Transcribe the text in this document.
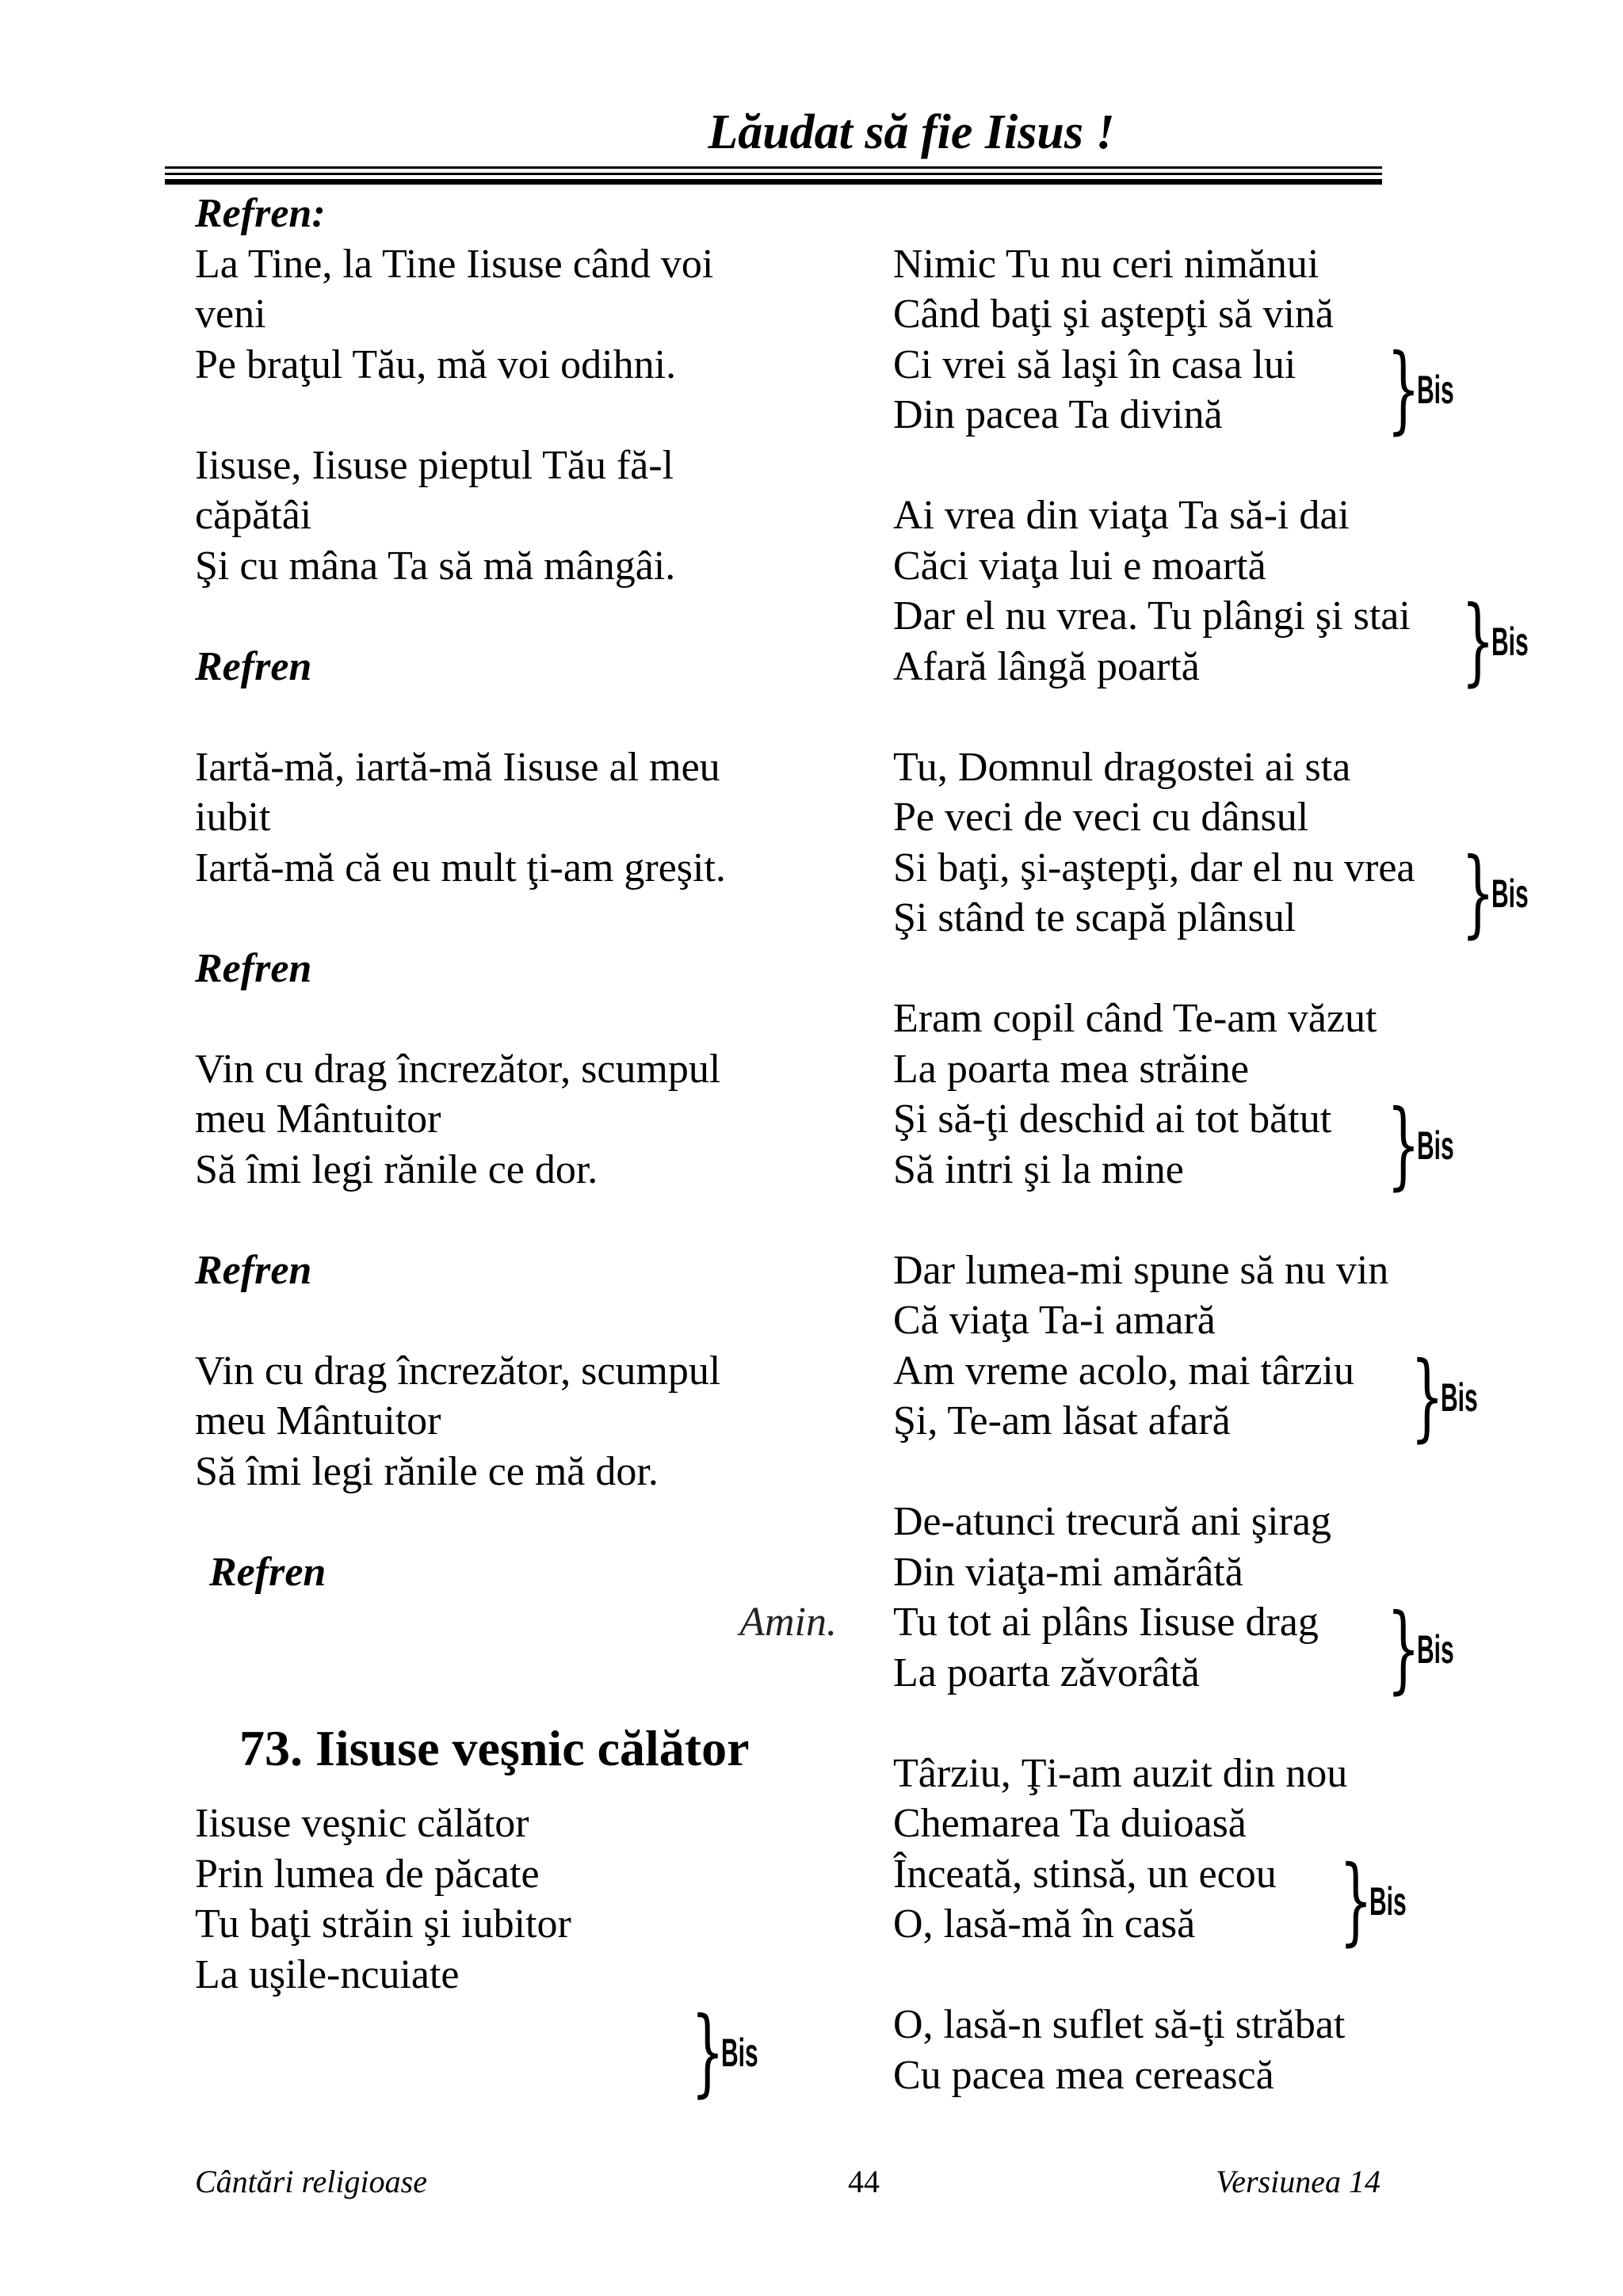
Lăudat să fie Iisus !
Refren:
La Tine, la Tine Iisuse când voi
veni
Pe braţul Tău, mă voi odihni.
Iisuse, Iisuse pieptul Tău fă-l
căpătâi
Şi cu mâna Ta să mă mângâi.
Refren
Iartă-mă, iartă-mă Iisuse al meu
iubit
Iartă-mă că eu mult ţi-am greşit.
Refren
Vin cu drag încrezător, scumpul
meu Mântuitor
Să îmi legi rănile ce dor.
Refren
Vin cu drag încrezător, scumpul
meu Mântuitor
Să îmi legi rănile ce mă dor.
Refren
Amin.
73. Iisuse veşnic călător
Iisuse veşnic călător
Prin lumea de păcate
Tu baţi străin şi iubitor
La uşile-ncuiate
Nimic Tu nu ceri nimănui
Când baţi şi aştepţi să vină
Ci vrei să laşi în casa lui
Din pacea Ta divină
Ai vrea din viaţa Ta să-i dai
Căci viaţa lui e moartă
Dar el nu vrea. Tu plângi şi stai
Afară lângă poartă
Tu, Domnul dragostei ai sta
Pe veci de veci cu dânsul
Si baţi, şi-aştepţi, dar el nu vrea
Şi stând te scapă plânsul
Eram copil când Te-am văzut
La poarta mea străine
Şi să-ţi deschid ai tot bătut
Să intri şi la mine
Dar lumea-mi spune să nu vin
Că viaţa Ta-i amară
Am vreme acolo, mai târziu
Şi, Te-am lăsat afară
De-atunci trecură ani şirag
Din viaţa-mi amărâtă
Tu tot ai plâns Iisuse drag
La poarta zăvorâtă
Târziu, Ţi-am auzit din nou
Chemarea Ta duioasă
Înceată, stinsă, un ecou
O, lasă-mă în casă
O, lasă-n suflet să-ţi străbat
Cu pacea mea cerească
}
Bis
}
Bis
}
Bis
}
Bis
}
Bis
}
Bis
}
Bis
}
Bis
Cântări religioase	44	Versiunea 14
